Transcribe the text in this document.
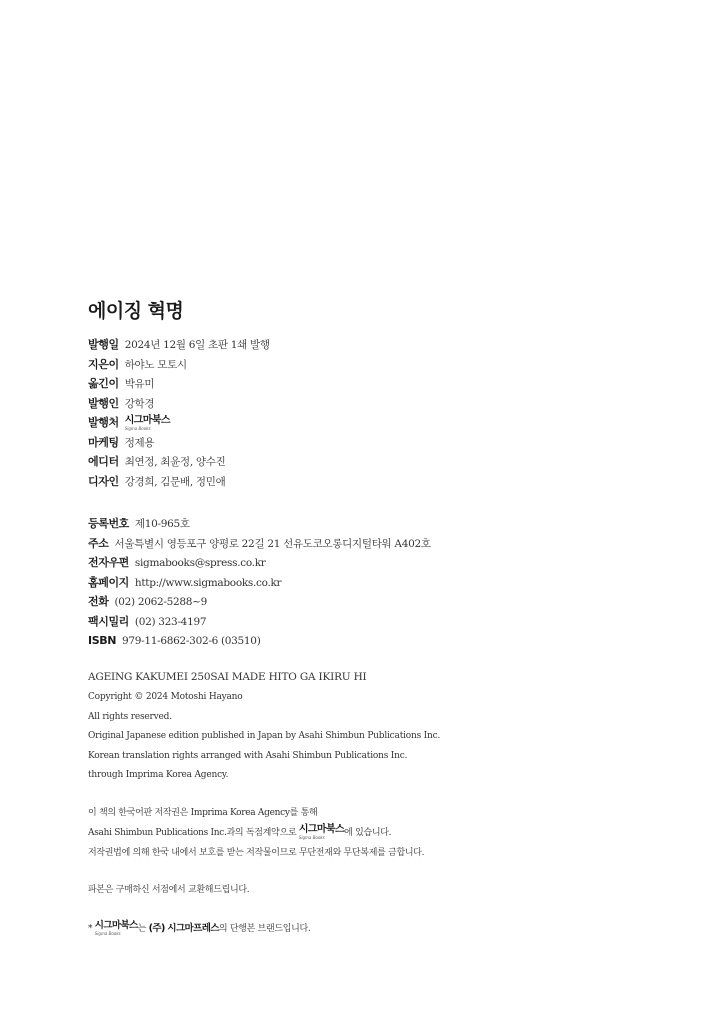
에이징 혁명
발행일 2024년 12월 6일 초판 1쇄 발행
지은이 하야노 모토시
옮긴이 박유미
발행인 강학경
발행처 시그마북스
Sigma Books
마케팅 정제용
에디터 최연정, 최윤정, 양수진
디자인 강경희, 김문배, 정민애
등록번호 제10-965호
주소 서울특별시 영등포구 양평로 22길 21 선유도코오롱디지털타워 A402호
전자우편 sigmabooks@spress.co.kr
홈페이지 http://www.sigmabooks.co.kr
전화 (02) 2062-5288~9
팩시밀리 (02) 323-4197
ISBN 979-11-6862-302-6 (03510)
AGEING KAKUMEI 250SAI MADE HITO GA IKIRU HI
Copyright © 2024 Motoshi Hayano
All rights reserved.
Original Japanese edition published in Japan by Asahi Shimbun Publications Inc.
Korean translation rights arranged with Asahi Shimbun Publications Inc.
through Imprima Korea Agency.
이 책의 한국어판 저작권은 Imprima Korea Agency를 통해
Asahi Shimbun Publications Inc.과의 독점계약으로 시그마북스
Sigma Books	에 있습니다.
저작권법에 의해 한국 내에서 보호를 받는 저작물이므로 무단전재와 무단복제를 금합니다.

파본은 구매하신 서점에서 교환해드립니다.

* 시그마북스
Sigma Books	는 (주) 시그마프레스의 단행본 브랜드입니다.
